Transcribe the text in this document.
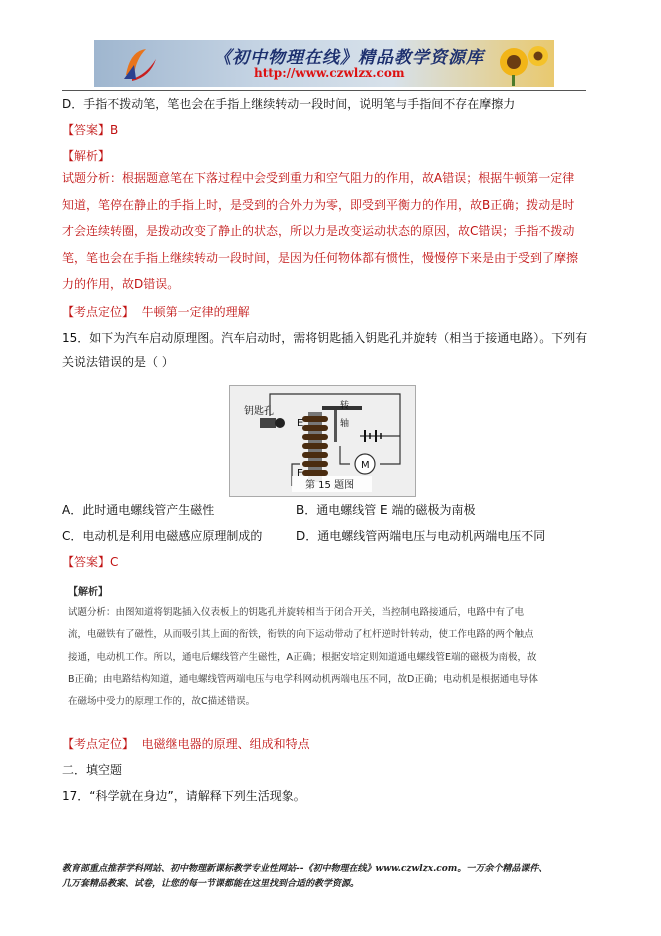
《初中物理在线》精品教学资源库
http://www.czwlzx.com
D．手指不拨动笔，笔也会在手指上继续转动一段时间，说明笔与手指间不存在摩擦力
【答案】B
【解析】
试题分析：根据题意笔在下落过程中会受到重力和空气阻力的作用，故A错误；根据牛顿第一定律知道，笔停在静止的手指上时，是受到的合外力为零，即受到平衡力的作用，故B正确；拨动是时才会连续转圈，是拨动改变了静止的状态，所以力是改变运动状态的原因，故C错误；手指不拨动笔，笔也会在手指上继续转动一段时间，是因为任何物体都有惯性，慢慢停下来是由于受到了摩擦力的作用，故D错误。
【考点定位】 牛顿第一定律的理解
15．如下为汽车启动原理图。汽车启动时，需将钥匙插入钥匙孔并旋转（相当于接通电路）。下列有
关说法错误的是（ ）
钥匙孔
E
F
转
轴
M
第 15 题图
A．此时通电螺线管产生磁性	B．通电螺线管 E 端的磁极为南极
C．电动机是利用电磁感应原理制成的	D．通电螺线管两端电压与电动机两端电压不同
【答案】C
【解析】
试题分析：由图知道将钥匙插入仪表板上的钥匙孔并旋转相当于闭合开关，当控制电路接通后，电路中有了电流，电磁铁有了磁性，从而吸引其上面的衔铁，衔铁的向下运动带动了杠杆逆时针转动，使工作电路的两个触点接通，电动机工作。所以，通电后螺线管产生磁性，A正确；根据安培定则知道通电螺线管E端的磁极为南极，故B正确；由电路结构知道，通电螺线管两端电压与电学科网动机两端电压不同，故D正确；电动机是根据通电导体在磁场中受力的原理工作的，故C描述错误。
【考点定位】 电磁继电器的原理、组成和特点
二．填空题
17．“科学就在身边”，请解释下列生活现象。
教育部重点推荐学科网站、初中物理新课标教学专业性网站--《初中物理在线》www.czwlzx.com。一万余个精品课件、
几万套精品教案、试卷，让您的每一节课都能在这里找到合适的教学资源。
